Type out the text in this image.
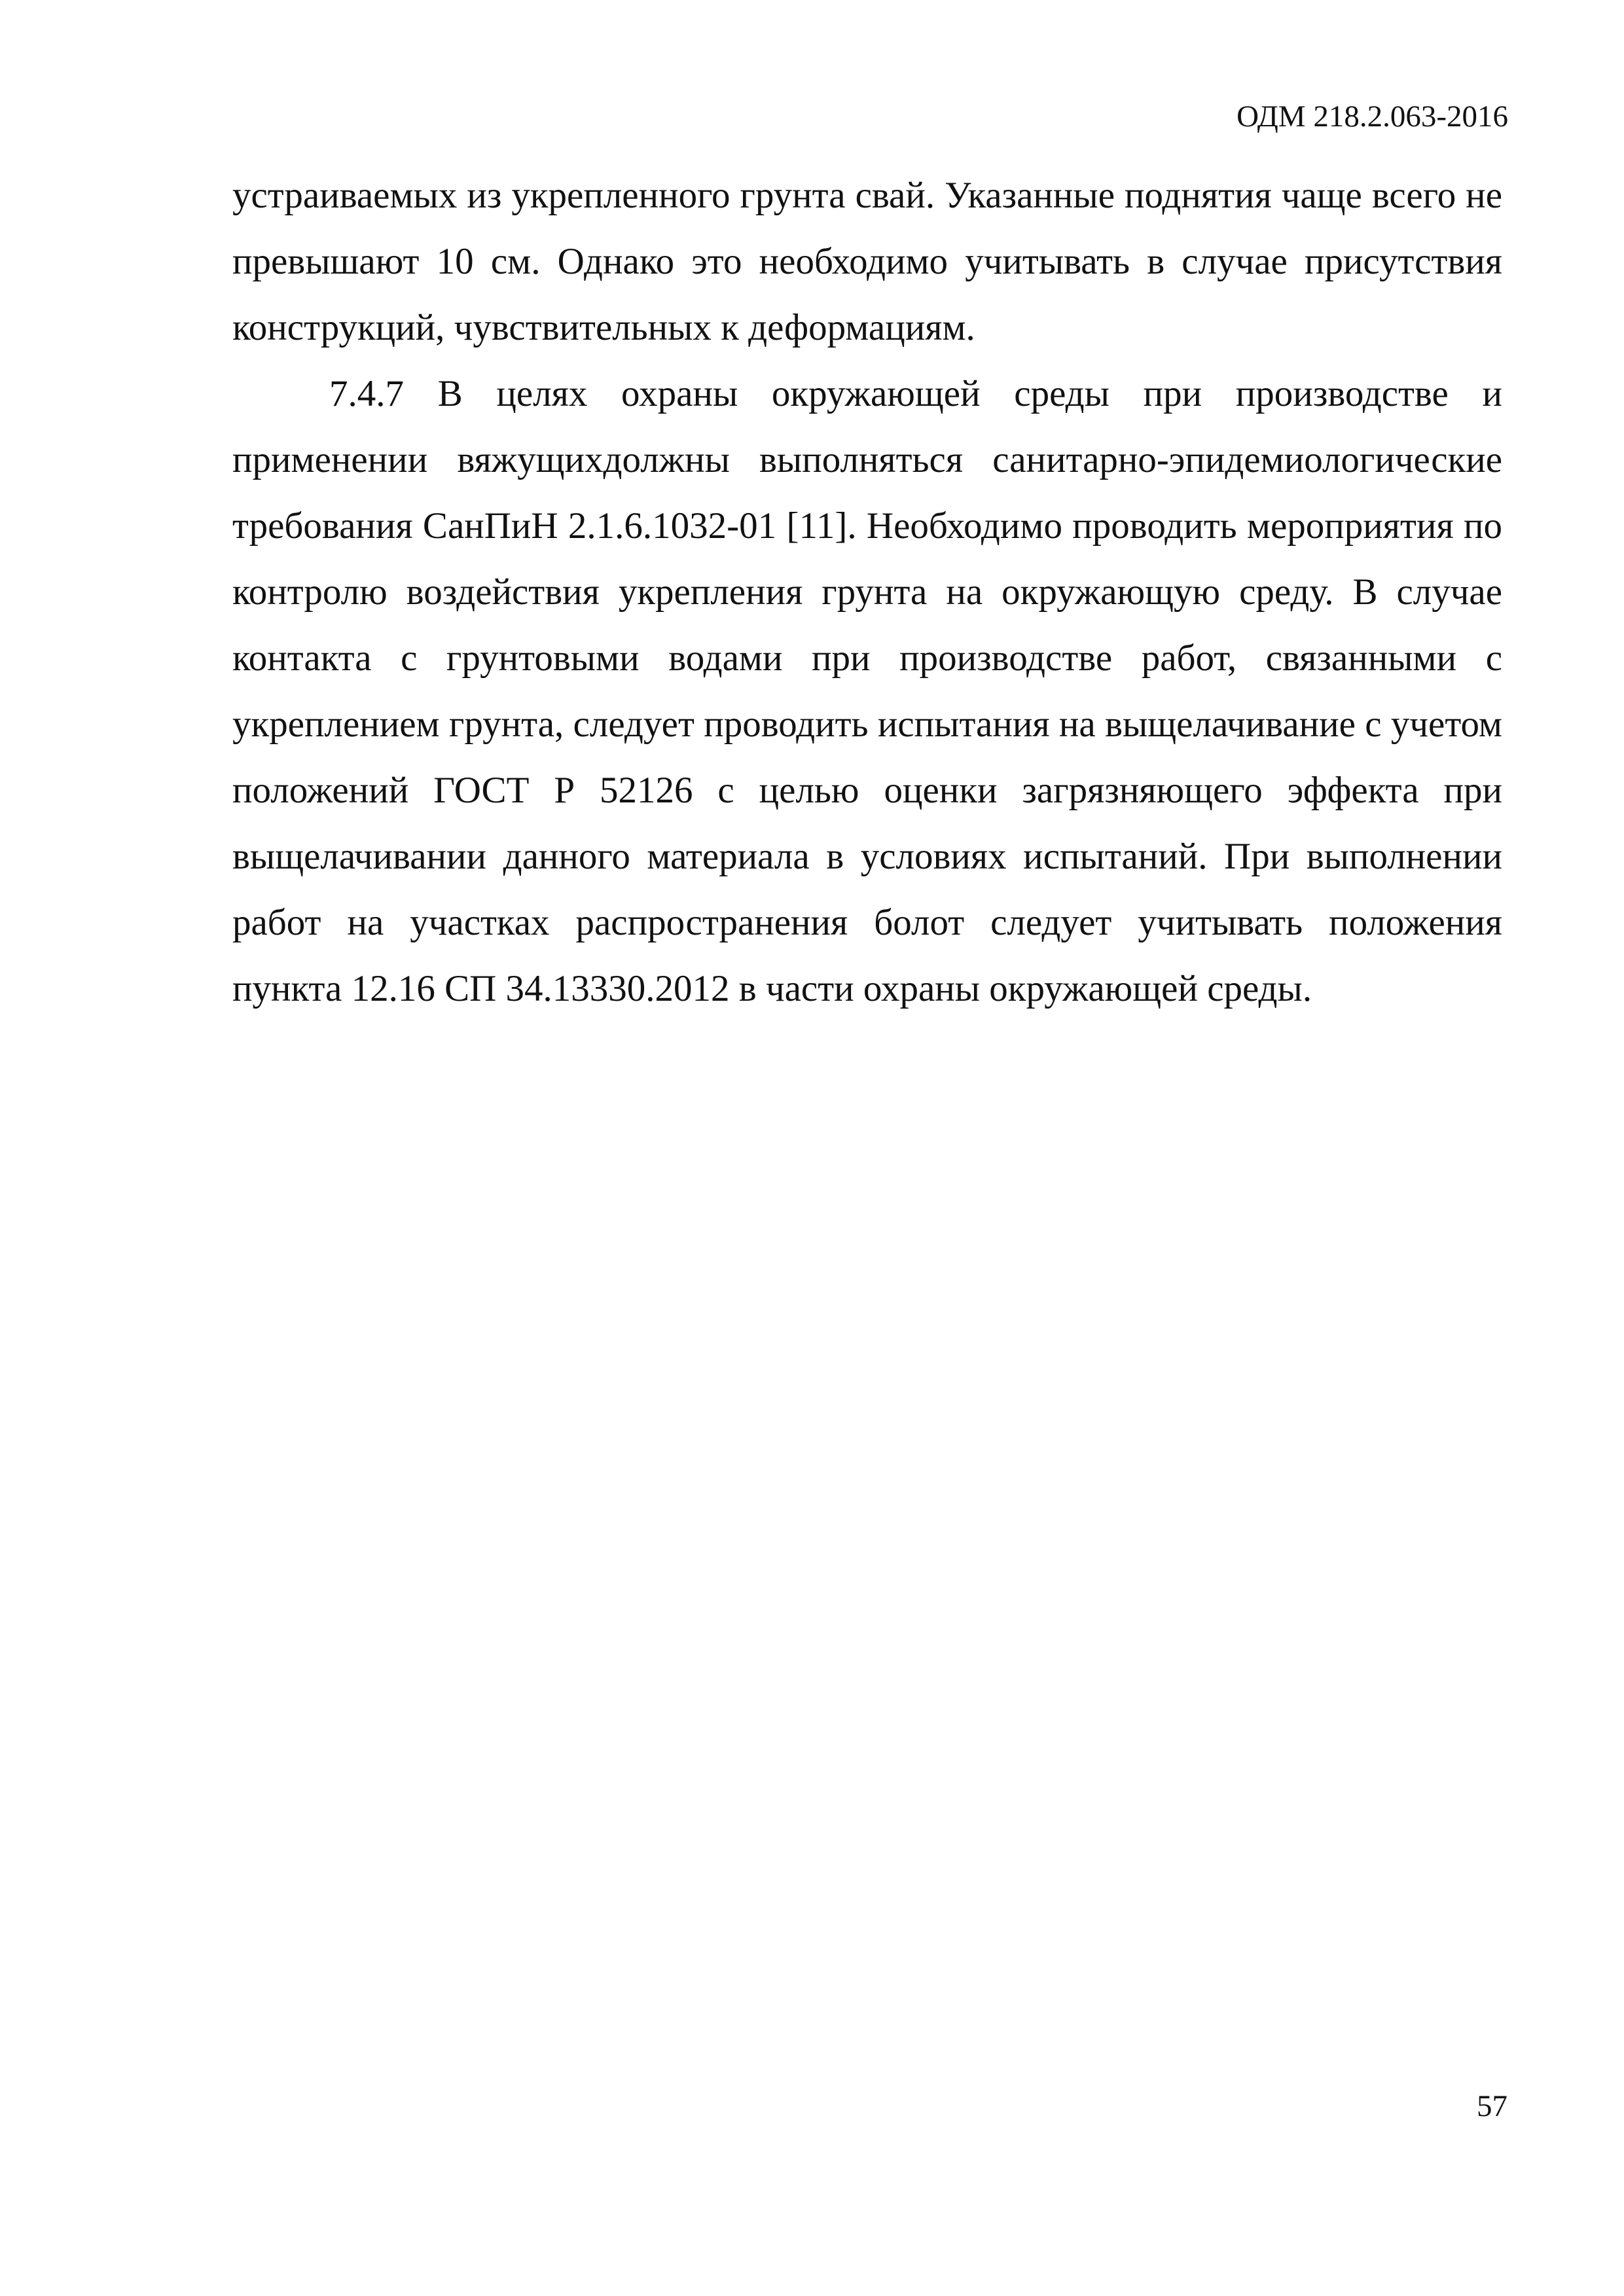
ОДМ 218.2.063-2016

устраиваемых из укрепленного грунта свай. Указанные поднятия чаще всего не превышают 10 см. Однако это необходимо учитывать в случае присутствия конструкций, чувствительных к деформациям.

7.4.7 В целях охраны окружающей среды при производстве и применении вяжущихдолжны выполняться санитарно-эпидемиологические требования СанПиН 2.1.6.1032-01 [11]. Необходимо проводить мероприятия по контролю воздействия укрепления грунта на окружающую среду. В случае контакта с грунтовыми водами при производстве работ, связанными с укреплением грунта, следует проводить испытания на выщелачивание с учетом положений ГОСТ Р 52126 с целью оценки загрязняющего эффекта при выщелачивании данного материала в условиях испытаний. При выполнении работ на участках распространения болот следует учитывать положения пункта 12.16 СП 34.13330.2012 в части охраны окружающей среды.

57
